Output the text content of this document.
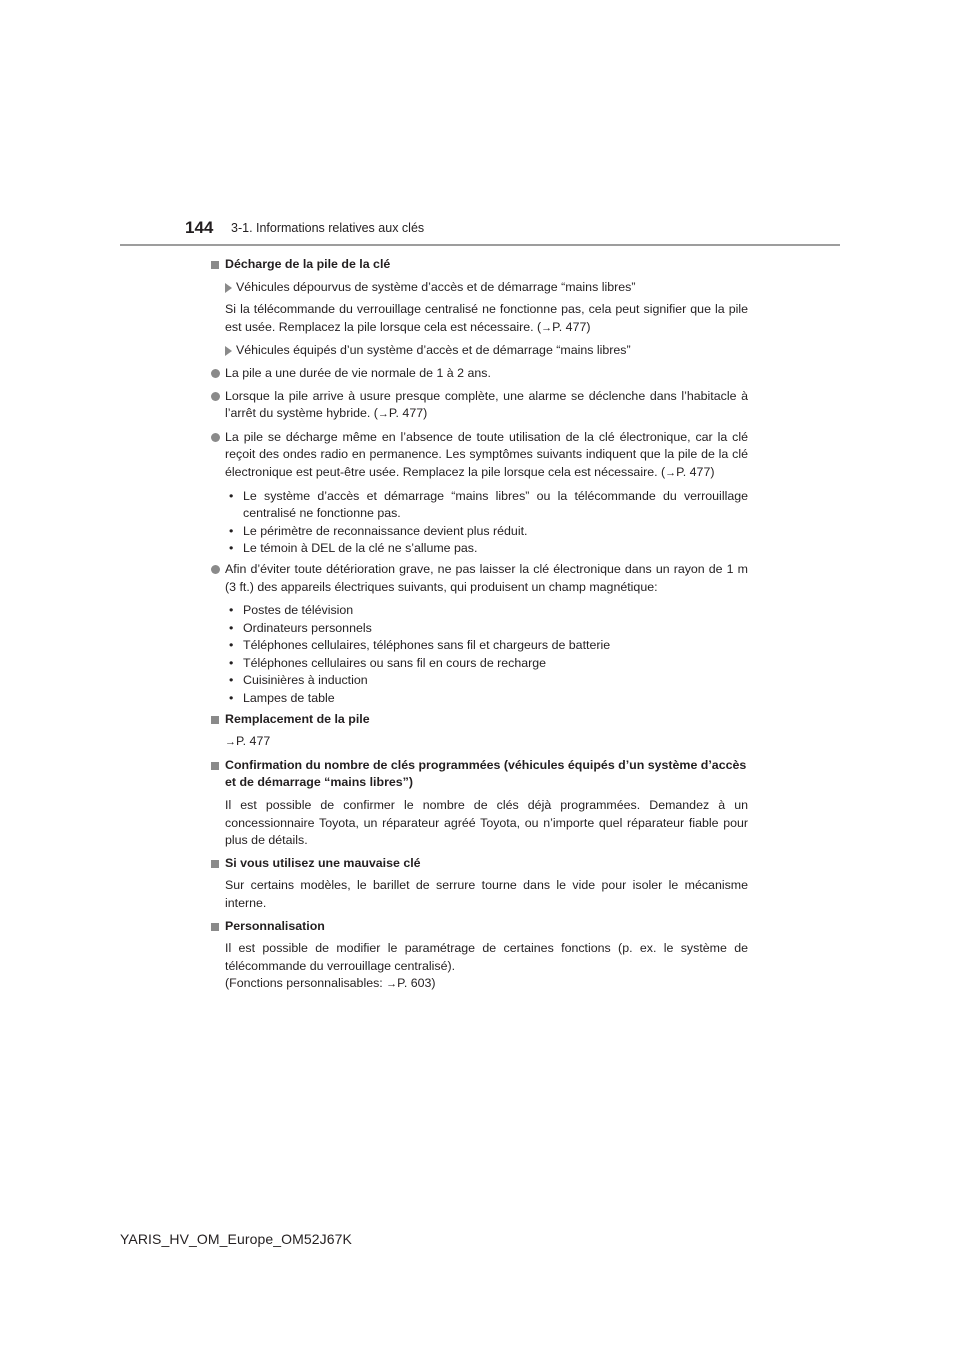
144 3-1. Informations relatives aux clés
Décharge de la pile de la clé
Véhicules dépourvus de système d’accès et de démarrage “mains libres”
Si la télécommande du verrouillage centralisé ne fonctionne pas, cela peut signifier que la pile est usée. Remplacez la pile lorsque cela est nécessaire. (→P. 477)
Véhicules équipés d’un système d’accès et de démarrage “mains libres”
La pile a une durée de vie normale de 1 à 2 ans.
Lorsque la pile arrive à usure presque complète, une alarme se déclenche dans l’habitacle à l’arrêt du système hybride. (→P. 477)
La pile se décharge même en l’absence de toute utilisation de la clé électronique, car la clé reçoit des ondes radio en permanence. Les symptômes suivants indiquent que la pile de la clé électronique est peut-être usée. Remplacez la pile lorsque cela est nécessaire. (→P. 477)
• Le système d’accès et démarrage “mains libres” ou la télécommande du verrouillage centralisé ne fonctionne pas.
• Le périmètre de reconnaissance devient plus réduit.
• Le témoin à DEL de la clé ne s’allume pas.
Afin d’éviter toute détérioration grave, ne pas laisser la clé électronique dans un rayon de 1 m (3 ft.) des appareils électriques suivants, qui produisent un champ magnétique:
• Postes de télévision
• Ordinateurs personnels
• Téléphones cellulaires, téléphones sans fil et chargeurs de batterie
• Téléphones cellulaires ou sans fil en cours de recharge
• Cuisinières à induction
• Lampes de table
Remplacement de la pile
→P. 477
Confirmation du nombre de clés programmées (véhicules équipés d’un système d’accès et de démarrage “mains libres”)
Il est possible de confirmer le nombre de clés déjà programmées. Demandez à un concessionnaire Toyota, un réparateur agréé Toyota, ou n’importe quel réparateur fiable pour plus de détails.
Si vous utilisez une mauvaise clé
Sur certains modèles, le barillet de serrure tourne dans le vide pour isoler le mécanisme interne.
Personnalisation
Il est possible de modifier le paramétrage de certaines fonctions (p. ex. le système de télécommande du verrouillage centralisé).
(Fonctions personnalisables: →P. 603)
YARIS_HV_OM_Europe_OM52J67K
